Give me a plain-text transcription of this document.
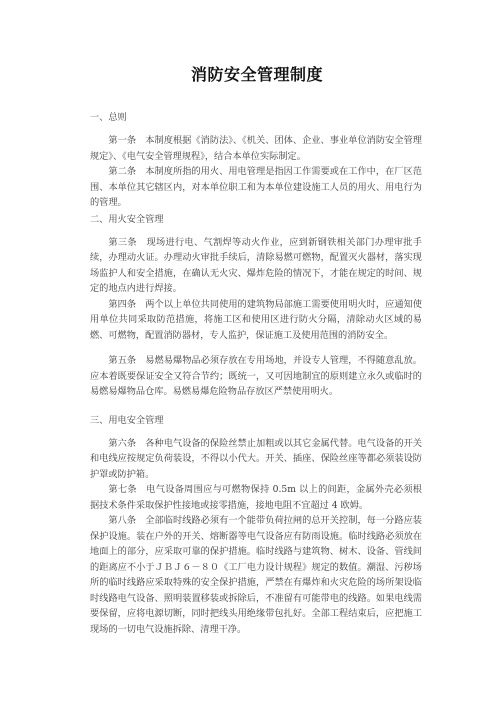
消防安全管理制度
一、总则

第一条　本制度根据《消防法》、《机关、团体、企业、事业单位消防安全管理规定》、《电气安全管理规程》，结合本单位实际制定。

第二条　本制度所指的用火、用电管理是指因工作需要或在工作中，在厂区范围、本单位其它辖区内，对本单位职工和为本单位建设施工人员的用火、用电行为的管理。

二、用火安全管理

第三条　现场进行电、气割焊等动火作业，应到新钢铁相关部门办理审批手续，办理动火证。办理动火审批手续后，清除易燃可燃物，配置灭火器材，落实现场监护人和安全措施，在确认无火灾、爆炸危险的情况下，才能在规定的时间、规定的地点内进行焊接。

第四条　两个以上单位共同使用的建筑物局部施工需要使用明火时，应通知使用单位共同采取防范措施，将施工区和使用区进行防火分隔，清除动火区域的易燃、可燃物，配置消防器材，专人监护，保证施工及使用范围的消防安全。

第五条　易燃易爆物品必须存放在专用场地，并设专人管理，不得随意乱放。应本着既要保证安全又符合节约；既统一，又可因地制宜的原则建立永久或临时的易燃易爆物品仓库。易燃易爆危险物品存放区严禁使用明火。

三、用电安全管理

第六条　各种电气设备的保险丝禁止加粗或以其它金属代替。电气设备的开关和电线应按规定负荷装设，不得以小代大。开关、插座、保险丝座等都必须装设防护罩或防护箱。

第七条　电气设备周围应与可燃物保持 0.5m 以上的间距，金属外壳必须根据技术条件采取保护性接地或接零措施，接地电阻不宜超过 4 欧姆。

第八条　全部临时线路必须有一个能带负荷拉闸的总开关控制，每一分路应装保护设施。装在户外的开关、熔断器等电气设备应有防雨设施。临时线路必须放在地面上的部分，应采取可靠的保护措施。临时线路与建筑物、树木、设备、管线间的距离应不小于ＪＢＪ６－８０《工厂电力设计规程》规定的数值。潮湿、污秽场所的临时线路应采取特殊的安全保护措施，严禁在有爆炸和火灾危险的场所架设临时线路电气设备、照明装置移装或拆除后，不准留有可能带电的线路。如果电线需要保留，应将电源切断，同时把线头用绝缘带包扎好。全部工程结束后，应把施工现场的一切电气设施拆除、清理干净。
